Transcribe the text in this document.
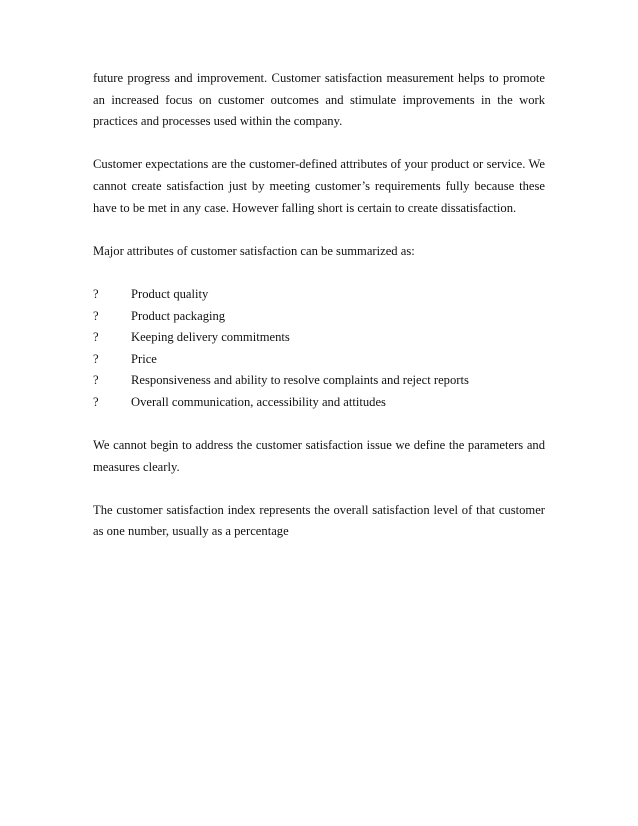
future progress and improvement. Customer satisfaction measurement helps to promote an increased focus on customer outcomes and stimulate improvements in the work practices and processes used within the company.

Customer expectations are the customer-defined attributes of your product or service. We cannot create satisfaction just by meeting customer’s requirements fully because these have to be met in any case. However falling short is certain to create dissatisfaction.

Major attributes of customer satisfaction can be summarized as:

?	Product quality
?	Product packaging
?	Keeping delivery commitments
?	Price
?	Responsiveness and ability to resolve complaints and reject reports
?	Overall communication, accessibility and attitudes

We cannot begin to address the customer satisfaction issue we define the parameters and measures clearly.

The customer satisfaction index represents the overall satisfaction level of that customer as one number, usually as a percentage
